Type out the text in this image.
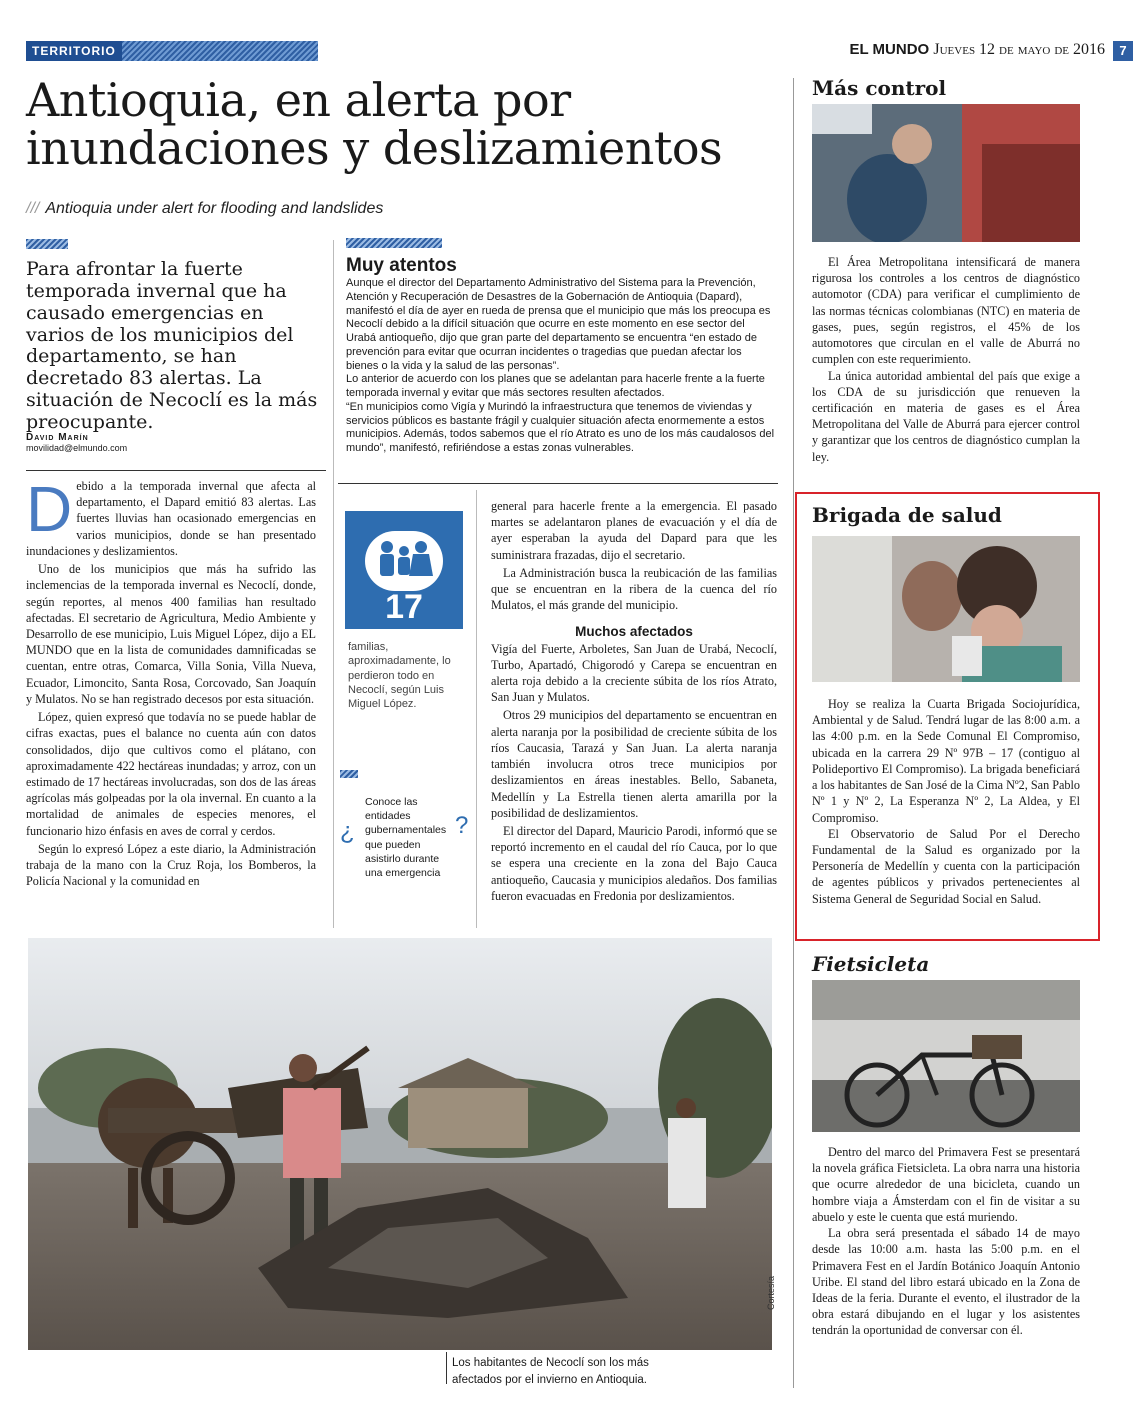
TERRITORIO	EL MUNDO Jueves 12 de mayo de 2016	7
Antioquia, en alerta por
inundaciones y deslizamientos
/// Antioquia under alert for flooding and landslides
Para afrontar la fuerte temporada invernal que ha causado emergencias en varios de los municipios del departamento, se han decretado 83 alertas. La situación de Necoclí es la más preocupante.
David Marín
movilidad@elmundo.com
Muy atentos

Aunque el director del Departamento Administrativo del Sistema para la Prevención, Atención y Recuperación de Desastres de la Gobernación de Antioquia (Dapard), manifestó el día de ayer en rueda de prensa que el municipio que más los preocupa es Necoclí debido a la difícil situación que ocurre en este momento en ese sector del Urabá antioqueño, dijo que gran parte del departamento se encuentra “en estado de prevención para evitar que ocurran incidentes o tragedias que puedan afectar los bienes o la vida y la salud de las personas”.

Lo anterior de acuerdo con los planes que se adelantan para hacerle frente a la fuerte temporada invernal y evitar que más sectores resulten afectados.

“En municipios como Vigía y Murindó la infraestructura que tenemos de viviendas y servicios públicos es bastante frágil y cualquier situación afecta enormemente a estos municipios. Además, todos sabemos que el río Atrato es uno de los más caudalosos del mundo”, manifestó, refiriéndose a estas zonas vulnerables.

Debido a la temporada invernal que afecta al departamento, el Dapard emitió 83 alertas. Las fuertes lluvias han ocasionado emergencias en varios municipios, donde se han presentado inundaciones y deslizamientos.

Uno de los municipios que más ha sufrido las inclemencias de la temporada invernal es Necoclí, donde, según reportes, al menos 400 familias han resultado afectadas. El secretario de Agricultura, Medio Ambiente y Desarrollo de ese municipio, Luis Miguel López, dijo a EL MUNDO que en la lista de comunidades damnificadas se cuentan, entre otras, Comarca, Villa Sonia, Villa Nueva, Ecuador, Limoncito, Santa Rosa, Corcovado, San Joaquín y Mulatos. No se han registrado decesos por esta situación.

López, quien expresó que todavía no se puede hablar de cifras exactas, pues el balance no cuenta aún con datos consolidados, dijo que cultivos como el plátano, con aproximadamente 422 hectáreas inundadas; y arroz, con un estimado de 17 hectáreas involucradas, son dos de las áreas agrícolas más golpeadas por la ola invernal. En cuanto a la mortalidad de animales de especies menores, el funcionario hizo énfasis en aves de corral y cerdos.

Según lo expresó López a este diario, la Administración trabaja de la mano con la Cruz Roja, los Bomberos, la Policía Nacional y la comunidad en

17
familias, aproximadamente, lo perdieron todo en Necoclí, según Luis Miguel López.
¿
Conoce las entidades gubernamentales que pueden asistirlo durante una emergencia
?

general para hacerle frente a la emergencia. El pasado martes se adelantaron planes de evacuación y el día de ayer esperaban la ayuda del Dapard para que les suministrara frazadas, dijo el secretario.

La Administración busca la reubicación de las familias que se encuentran en la ribera de la cuenca del río Mulatos, el más grande del municipio.

Muchos afectados

Vigía del Fuerte, Arboletes, San Juan de Urabá, Necoclí, Turbo, Apartadó, Chigorodó y Carepa se encuentran en alerta roja debido a la creciente súbita de los ríos Atrato, San Juan y Mulatos.

Otros 29 municipios del departamento se encuentran en alerta naranja por la posibilidad de creciente súbita de los ríos Caucasia, Tarazá y San Juan. La alerta naranja también involucra otros trece municipios por deslizamientos en áreas inestables. Bello, Sabaneta, Medellín y La Estrella tienen alerta amarilla por la posibilidad de deslizamientos.

El director del Dapard, Mauricio Parodi, informó que se reportó incremento en el caudal del río Cauca, por lo que se espera una creciente en la zona del Bajo Cauca antioqueño, Caucasia y municipios aledaños. Dos familias fueron evacuadas en Fredonia por deslizamientos.

Cortesía
Los habitantes de Necoclí son los más afectados por el invierno en Antioquia.
Más control

El Área Metropolitana intensificará de manera rigurosa los controles a los centros de diagnóstico automotor (CDA) para verificar el cumplimiento de las normas técnicas colombianas (NTC) en materia de gases, pues, según registros, el 45% de los automotores que circulan en el valle de Aburrá no cumplen con este requerimiento.

La única autoridad ambiental del país que exige a los CDA de su jurisdicción que renueven la certificación en materia de gases es el Área Metropolitana del Valle de Aburrá para ejercer control y garantizar que los centros de diagnóstico cumplan la ley.

Brigada de salud

Hoy se realiza la Cuarta Brigada Sociojurídica, Ambiental y de Salud. Tendrá lugar de las 8:00 a.m. a las 4:00 p.m. en la Sede Comunal El Compromiso, ubicada en la carrera 29 Nº 97B – 17 (contiguo al Polideportivo El Compromiso). La brigada beneficiará a los habitantes de San José de la Cima Nº2, San Pablo Nº 1 y Nº 2, La Esperanza Nº 2, La Aldea, y El Compromiso.

El Observatorio de Salud Por el Derecho Fundamental de la Salud es organizado por la Personería de Medellín y cuenta con la participación de agentes públicos y privados pertenecientes al Sistema General de Seguridad Social en Salud.

Fietsicleta

Dentro del marco del Primavera Fest se presentará la novela gráfica Fietsicleta. La obra narra una historia que ocurre alrededor de una bicicleta, cuando un hombre viaja a Ámsterdam con el fin de visitar a su abuelo y este le cuenta que está muriendo.

La obra será presentada el sábado 14 de mayo desde las 10:00 a.m. hasta las 5:00 p.m. en el Primavera Fest en el Jardín Botánico Joaquín Antonio Uribe. El stand del libro estará ubicado en la Zona de Ideas de la feria. Durante el evento, el ilustrador de la obra estará dibujando en el lugar y los asistentes tendrán la oportunidad de conversar con él.
